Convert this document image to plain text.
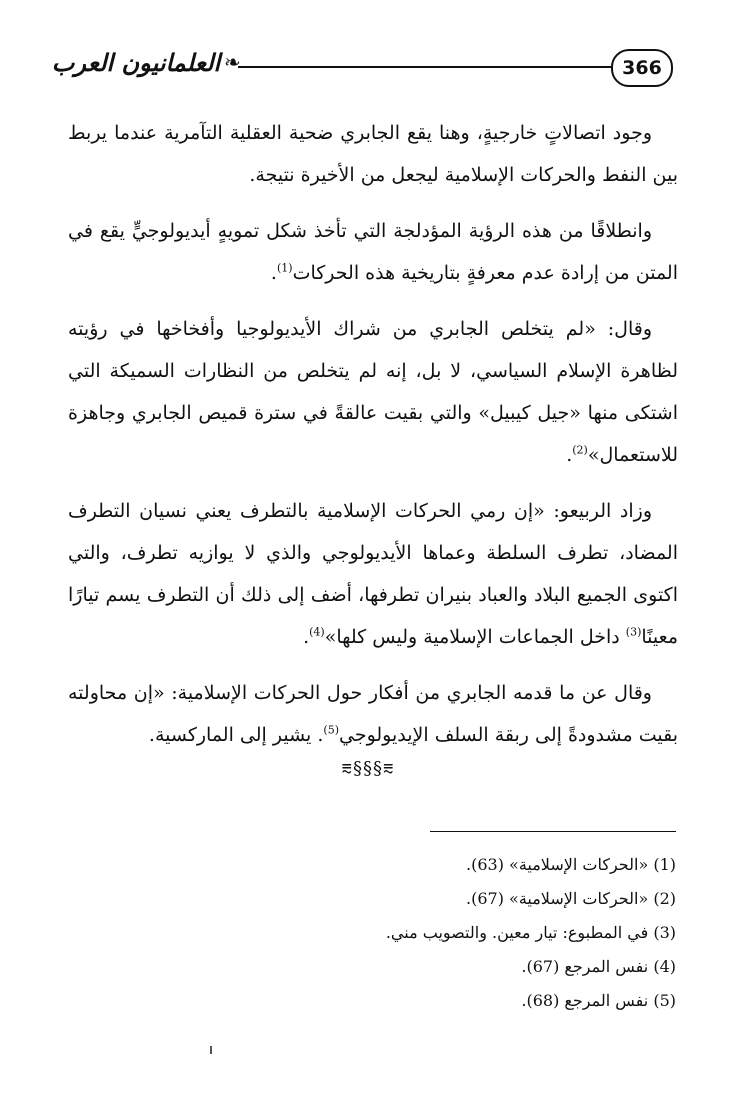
العلمانيون العرب ❧	366

وجود اتصالاتٍ خارجيةٍ، وهنا يقع الجابري ضحية العقلية التآمرية عندما يربط بين النفط والحركات الإسلامية ليجعل من الأخيرة نتيجة.

وانطلاقًا من هذه الرؤية المؤدلجة التي تأخذ شكل تمويهٍ أيديولوجيٍّ يقع في المتن من إرادة عدم معرفةٍ بتاريخية هذه الحركات$^{(1)}$.

وقال: «لم يتخلص الجابري من شراك الأيديولوجيا وأفخاخها في رؤيته لظاهرة الإسلام السياسي، لا بل، إنه لم يتخلص من النظارات السميكة التي اشتكى منها «جيل كيبيل» والتي بقيت عالقةً في سترة قميص الجابري وجاهزة للاستعمال»$^{(2)}$.

وزاد الربيعو: «إن رمي الحركات الإسلامية بالتطرف يعني نسيان التطرف المضاد، تطرف السلطة وعماها الأيديولوجي والذي لا يوازيه تطرف، والتي اكتوى الجميع البلاد والعباد بنيران تطرفها، أضف إلى ذلك أن التطرف يسم تيارًا معينًا$^{(3)}$ داخل الجماعات الإسلامية وليس كلها»$^{(4)}$.

وقال عن ما قدمه الجابري من أفكار حول الحركات الإسلامية: «إن محاولته بقيت مشدودةً إلى ربقة السلف الإيديولوجي$^{(5)}$. يشير إلى الماركسية.

⩳§§§⩳

(1) «الحركات الإسلامية» (63).

(2) «الحركات الإسلامية» (67).

(3) في المطبوع: تيار معين. والتصويب مني.

(4) نفس المرجع (67).

(5) نفس المرجع (68).
